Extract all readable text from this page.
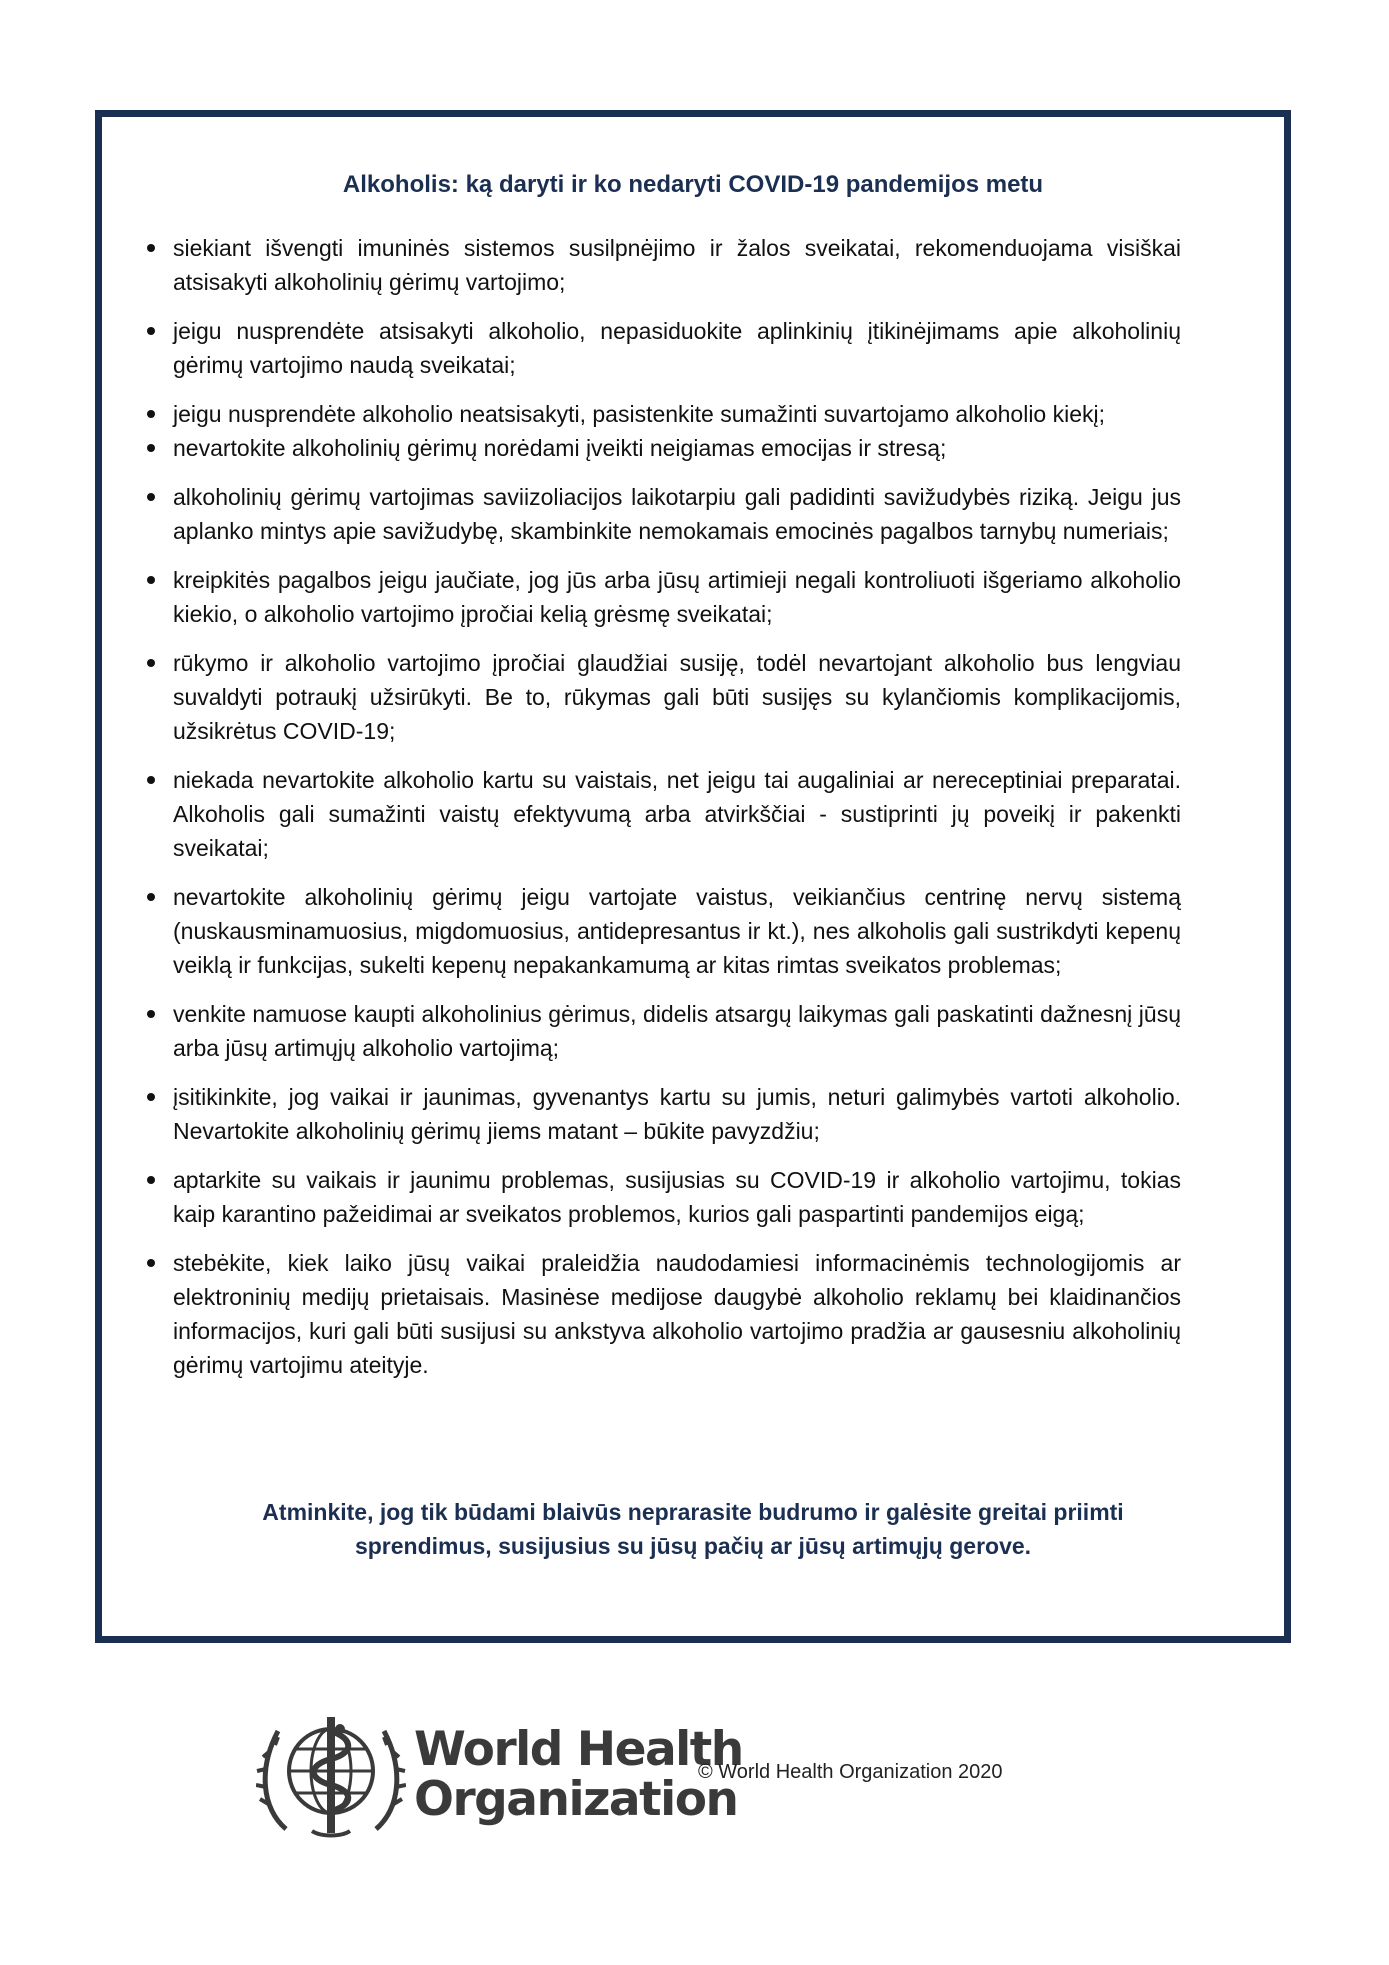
Alkoholis: ką daryti ir ko nedaryti COVID-19 pandemijos metu
siekiant išvengti imuninės sistemos susilpnėjimo ir žalos sveikatai, rekomenduojama visiškai atsisakyti alkoholinių gėrimų vartojimo;
jeigu nusprendėte atsisakyti alkoholio, nepasiduokite aplinkinių įtikinėjimams apie alkoholinių gėrimų vartojimo naudą sveikatai;
jeigu nusprendėte alkoholio neatsisakyti, pasistenkite sumažinti suvartojamo alkoholio kiekį;
nevartokite alkoholinių gėrimų norėdami įveikti neigiamas emocijas ir stresą;
alkoholinių gėrimų vartojimas saviizoliacijos laikotarpiu gali padidinti savižudybės riziką. Jeigu jus aplanko mintys apie savižudybę, skambinkite nemokamais emocinės pagalbos tarnybų numeriais;
kreipkitės pagalbos jeigu jaučiate, jog jūs arba jūsų artimieji negali kontroliuoti išgeriamo alkoholio kiekio, o alkoholio vartojimo įpročiai kelią grėsmę sveikatai;
rūkymo ir alkoholio vartojimo įpročiai glaudžiai susiję, todėl nevartojant alkoholio bus lengviau suvaldyti potraukį užsirūkyti. Be to, rūkymas gali būti susijęs su kylančiomis komplikacijomis, užsikrėtus COVID-19;
niekada nevartokite alkoholio kartu su vaistais, net jeigu tai augaliniai ar nereceptiniai preparatai. Alkoholis gali sumažinti vaistų efektyvumą arba atvirkščiai - sustiprinti jų poveikį ir pakenkti sveikatai;
nevartokite alkoholinių gėrimų jeigu vartojate vaistus, veikiančius centrinę nervų sistemą (nuskausminamuosius, migdomuosius, antidepresantus ir kt.), nes alkoholis gali sustrikdyti kepenų veiklą ir funkcijas, sukelti kepenų nepakankamumą ar kitas rimtas sveikatos problemas;
venkite namuose kaupti alkoholinius gėrimus, didelis atsargų laikymas gali paskatinti dažnesnį jūsų arba jūsų artimųjų alkoholio vartojimą;
įsitikinkite, jog vaikai ir jaunimas, gyvenantys kartu su jumis, neturi galimybės vartoti alkoholio. Nevartokite alkoholinių gėrimų jiems matant – būkite pavyzdžiu;
aptarkite su vaikais ir jaunimu problemas, susijusias su COVID-19 ir alkoholio vartojimu, tokias kaip karantino pažeidimai ar sveikatos problemos, kurios gali paspartinti pandemijos eigą;
stebėkite, kiek laiko jūsų vaikai praleidžia naudodamiesi informacinėmis technologijomis ar elektroninių medijų prietaisais. Masinėse medijose daugybė alkoholio reklamų bei klaidinančios informacijos, kuri gali būti susijusi su ankstyva alkoholio vartojimo pradžia ar gausesniu alkoholinių gėrimų vartojimu ateityje.
Atminkite, jog tik būdami blaivūs neprarasite budrumo ir galėsite greitai priimti
sprendimus, susijusius su jūsų pačių ar jūsų artimųjų gerove.
World Health
Organization
© World Health Organization 2020
